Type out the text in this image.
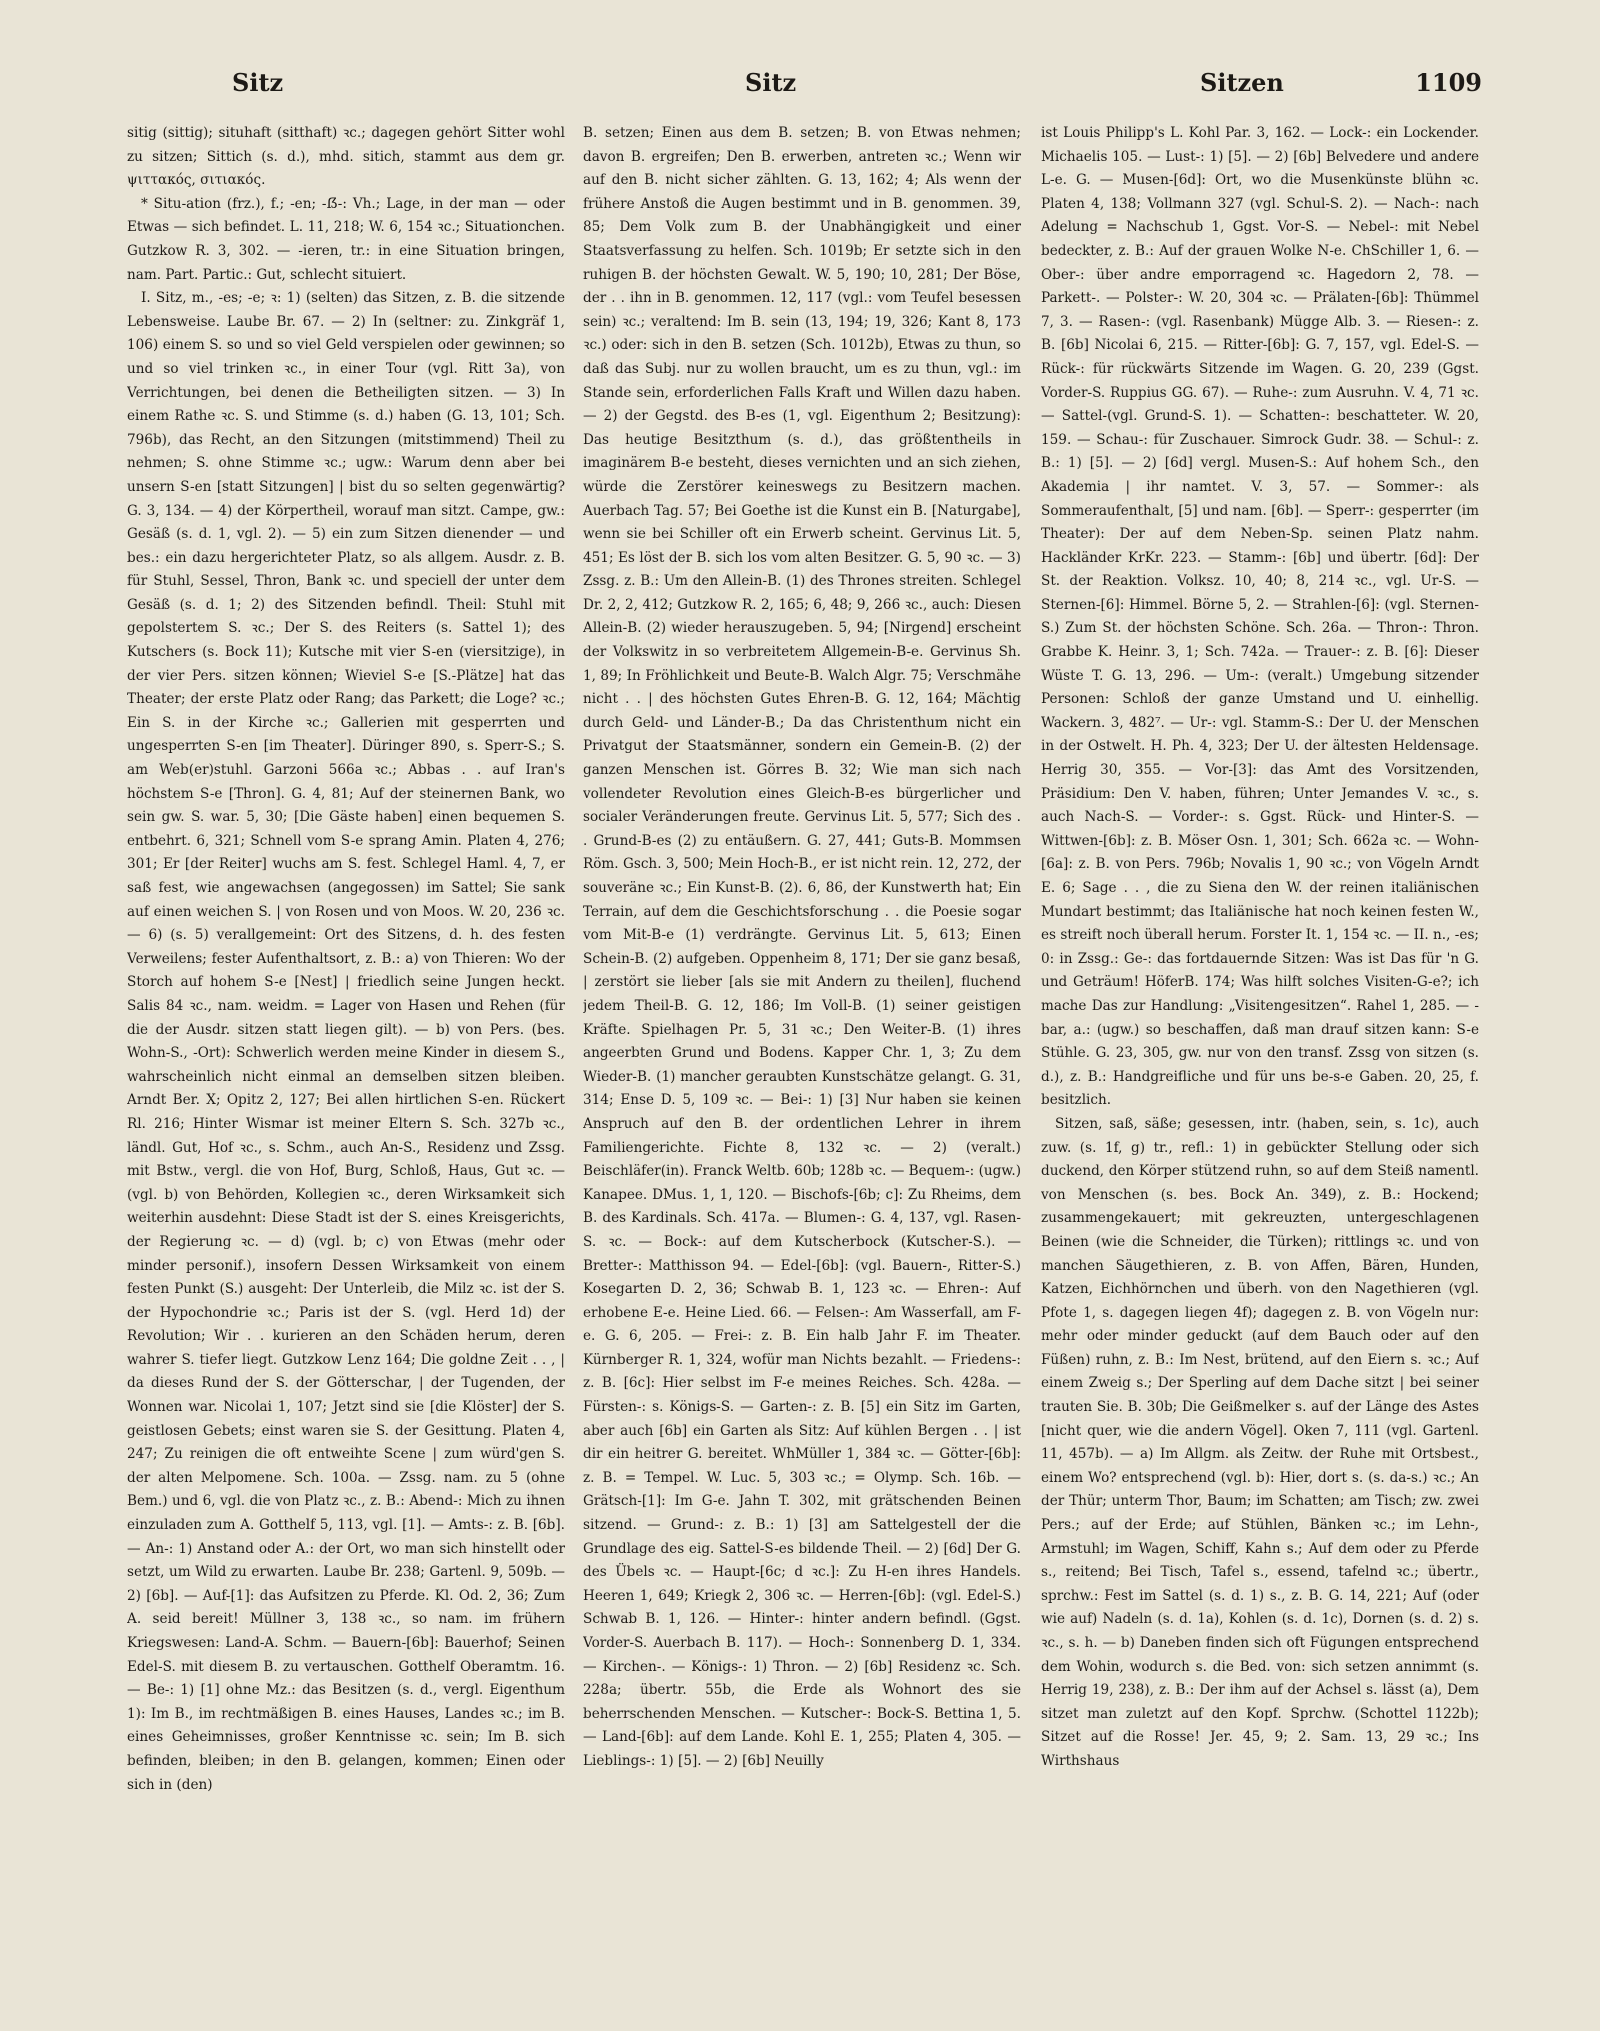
Sitz	Sitz	Sitzen	1109

sitig (sittig); situhaft (sitthaft) ꝛc.; dagegen gehört Sitter wohl zu sitzen; Sittich (s. d.), mhd. sitich, stammt aus dem gr. ψιττακός, σιτιακός.

* Situ-ation (frz.), f.; -en; -ẞ-: Vh.; Lage, in der man — oder Etwas — sich befindet. L. 11, 218; W. 6, 154 ꝛc.; Situationchen. Gutzkow R. 3, 302. — -ieren, tr.: in eine Situation bringen, nam. Part. Partic.: Gut, schlecht situiert.

I. Sitz, m., -es; -e; ꝛ: 1) (selten) das Sitzen, z. B. die sitzende Lebensweise. Laube Br. 67. — 2) In (seltner: zu. Zinkgräf 1, 106) einem S. so und so viel Geld verspielen oder gewinnen; so und so viel trinken ꝛc., in einer Tour (vgl. Ritt 3a), von Verrichtungen, bei denen die Betheiligten sitzen. — 3) In einem Rathe ꝛc. S. und Stimme (s. d.) haben (G. 13, 101; Sch. 796b), das Recht, an den Sitzungen (mitstimmend) Theil zu nehmen; S. ohne Stimme ꝛc.; ugw.: Warum denn aber bei unsern S-en [statt Sitzungen] | bist du so selten gegenwärtig? G. 3, 134. — 4) der Körpertheil, worauf man sitzt. Campe, gw.: Gesäß (s. d. 1, vgl. 2). — 5) ein zum Sitzen dienender — und bes.: ein dazu hergerichteter Platz, so als allgem. Ausdr. z. B. für Stuhl, Sessel, Thron, Bank ꝛc. und speciell der unter dem Gesäß (s. d. 1; 2) des Sitzenden befindl. Theil: Stuhl mit gepolstertem S. ꝛc.; Der S. des Reiters (s. Sattel 1); des Kutschers (s. Bock 11); Kutsche mit vier S-en (viersitzige), in der vier Pers. sitzen können; Wieviel S-e [S.-Plätze] hat das Theater; der erste Platz oder Rang; das Parkett; die Loge? ꝛc.; Ein S. in der Kirche ꝛc.; Gallerien mit gesperrten und ungesperrten S-en [im Theater]. Düringer 890, s. Sperr-S.; S. am Web(er)stuhl. Garzoni 566a ꝛc.; Abbas . . auf Iran's höchstem S-e [Thron]. G. 4, 81; Auf der steinernen Bank, wo sein gw. S. war. 5, 30; [Die Gäste haben] einen bequemen S. entbehrt. 6, 321; Schnell vom S-e sprang Amin. Platen 4, 276; 301; Er [der Reiter] wuchs am S. fest. Schlegel Haml. 4, 7, er saß fest, wie angewachsen (angegossen) im Sattel; Sie sank auf einen weichen S. | von Rosen und von Moos. W. 20, 236 ꝛc. — 6) (s. 5) verallgemeint: Ort des Sitzens, d. h. des festen Verweilens; fester Aufenthaltsort, z. B.: a) von Thieren: Wo der Storch auf hohem S-e [Nest] | friedlich seine Jungen heckt. Salis 84 ꝛc., nam. weidm. = Lager von Hasen und Rehen (für die der Ausdr. sitzen statt liegen gilt). — b) von Pers. (bes. Wohn-S., -Ort): Schwerlich werden meine Kinder in diesem S., wahrscheinlich nicht einmal an demselben sitzen bleiben. Arndt Ber. X; Opitz 2, 127; Bei allen hirtlichen S-en. Rückert Rl. 216; Hinter Wismar ist meiner Eltern S. Sch. 327b ꝛc., ländl. Gut, Hof ꝛc., s. Schm., auch An-S., Residenz und Zssg. mit Bstw., vergl. die von Hof, Burg, Schloß, Haus, Gut ꝛc. — (vgl. b) von Behörden, Kollegien ꝛc., deren Wirksamkeit sich weiterhin ausdehnt: Diese Stadt ist der S. eines Kreisgerichts, der Regierung ꝛc. — d) (vgl. b; c) von Etwas (mehr oder minder personif.), insofern Dessen Wirksamkeit von einem festen Punkt (S.) ausgeht: Der Unterleib, die Milz ꝛc. ist der S. der Hypochondrie ꝛc.; Paris ist der S. (vgl. Herd 1d) der Revolution; Wir . . kurieren an den Schäden herum, deren wahrer S. tiefer liegt. Gutzkow Lenz 164; Die goldne Zeit . . , | da dieses Rund der S. der Götterschar, | der Tugenden, der Wonnen war. Nicolai 1, 107; Jetzt sind sie [die Klöster] der S. geistlosen Gebets; einst waren sie S. der Gesittung. Platen 4, 247; Zu reinigen die oft entweihte Scene | zum würd'gen S. der alten Melpomene. Sch. 100a. — Zssg. nam. zu 5 (ohne Bem.) und 6, vgl. die von Platz ꝛc., z. B.: Abend-: Mich zu ihnen einzuladen zum A. Gotthelf 5, 113, vgl. [1]. — Amts-: z. B. [6b]. — An-: 1) Anstand oder A.: der Ort, wo man sich hinstellt oder setzt, um Wild zu erwarten. Laube Br. 238; Gartenl. 9, 509b. — 2) [6b]. — Auf-[1]: das Aufsitzen zu Pferde. Kl. Od. 2, 36; Zum A. seid bereit! Müllner 3, 138 ꝛc., so nam. im frühern Kriegswesen: Land-A. Schm. — Bauern-[6b]: Bauerhof; Seinen Edel-S. mit diesem B. zu vertauschen. Gotthelf Oberamtm. 16. — Be-: 1) [1] ohne Mz.: das Besitzen (s. d., vergl. Eigenthum 1): Im B., im rechtmäßigen B. eines Hauses, Landes ꝛc.; im B. eines Geheimnisses, großer Kenntnisse ꝛc. sein; Im B. sich befinden, bleiben; in den B. gelangen, kommen; Einen oder sich in (den)

B. setzen; Einen aus dem B. setzen; B. von Etwas nehmen; davon B. ergreifen; Den B. erwerben, antreten ꝛc.; Wenn wir auf den B. nicht sicher zählten. G. 13, 162; 4; Als wenn der frühere Anstoß die Augen bestimmt und in B. genommen. 39, 85; Dem Volk zum B. der Unabhängigkeit und einer Staatsverfassung zu helfen. Sch. 1019b; Er setzte sich in den ruhigen B. der höchsten Gewalt. W. 5, 190; 10, 281; Der Böse, der . . ihn in B. genommen. 12, 117 (vgl.: vom Teufel besessen sein) ꝛc.; veraltend: Im B. sein (13, 194; 19, 326; Kant 8, 173 ꝛc.) oder: sich in den B. setzen (Sch. 1012b), Etwas zu thun, so daß das Subj. nur zu wollen braucht, um es zu thun, vgl.: im Stande sein, erforderlichen Falls Kraft und Willen dazu haben. — 2) der Gegstd. des B-es (1, vgl. Eigenthum 2; Besitzung): Das heutige Besitzthum (s. d.), das größtentheils in imaginärem B-e besteht, dieses vernichten und an sich ziehen, würde die Zerstörer keineswegs zu Besitzern machen. Auerbach Tag. 57; Bei Goethe ist die Kunst ein B. [Naturgabe], wenn sie bei Schiller oft ein Erwerb scheint. Gervinus Lit. 5, 451; Es löst der B. sich los vom alten Besitzer. G. 5, 90 ꝛc. — 3) Zssg. z. B.: Um den Allein-B. (1) des Thrones streiten. Schlegel Dr. 2, 2, 412; Gutzkow R. 2, 165; 6, 48; 9, 266 ꝛc., auch: Diesen Allein-B. (2) wieder herauszugeben. 5, 94; [Nirgend] erscheint der Volkswitz in so verbreitetem Allgemein-B-e. Gervinus Sh. 1, 89; In Fröhlichkeit und Beute-B. Walch Algr. 75; Verschmähe nicht . . | des höchsten Gutes Ehren-B. G. 12, 164; Mächtig durch Geld- und Länder-B.; Da das Christenthum nicht ein Privatgut der Staatsmänner, sondern ein Gemein-B. (2) der ganzen Menschen ist. Görres B. 32; Wie man sich nach vollendeter Revolution eines Gleich-B-es bürgerlicher und socialer Veränderungen freute. Gervinus Lit. 5, 577; Sich des . . Grund-B-es (2) zu entäußern. G. 27, 441; Guts-B. Mommsen Röm. Gsch. 3, 500; Mein Hoch-B., er ist nicht rein. 12, 272, der souveräne ꝛc.; Ein Kunst-B. (2). 6, 86, der Kunstwerth hat; Ein Terrain, auf dem die Geschichtsforschung . . die Poesie sogar vom Mit-B-e (1) verdrängte. Gervinus Lit. 5, 613; Einen Schein-B. (2) aufgeben. Oppenheim 8, 171; Der sie ganz besaß, | zerstört sie lieber [als sie mit Andern zu theilen], fluchend jedem Theil-B. G. 12, 186; Im Voll-B. (1) seiner geistigen Kräfte. Spielhagen Pr. 5, 31 ꝛc.; Den Weiter-B. (1) ihres angeerbten Grund und Bodens. Kapper Chr. 1, 3; Zu dem Wieder-B. (1) mancher geraubten Kunstschätze gelangt. G. 31, 314; Ense D. 5, 109 ꝛc. — Bei-: 1) [3] Nur haben sie keinen Anspruch auf den B. der ordentlichen Lehrer in ihrem Familiengerichte. Fichte 8, 132 ꝛc. — 2) (veralt.) Beischläfer(in). Franck Weltb. 60b; 128b ꝛc. — Bequem-: (ugw.) Kanapee. DMus. 1, 1, 120. — Bischofs-[6b; c]: Zu Rheims, dem B. des Kardinals. Sch. 417a. — Blumen-: G. 4, 137, vgl. Rasen-S. ꝛc. — Bock-: auf dem Kutscherbock (Kutscher-S.). — Bretter-: Matthisson 94. — Edel-[6b]: (vgl. Bauern-, Ritter-S.) Kosegarten D. 2, 36; Schwab B. 1, 123 ꝛc. — Ehren-: Auf erhobene E-e. Heine Lied. 66. — Felsen-: Am Wasserfall, am F-e. G. 6, 205. — Frei-: z. B. Ein halb Jahr F. im Theater. Kürnberger R. 1, 324, wofür man Nichts bezahlt. — Friedens-: z. B. [6c]: Hier selbst im F-e meines Reiches. Sch. 428a. — Fürsten-: s. Königs-S. — Garten-: z. B. [5] ein Sitz im Garten, aber auch [6b] ein Garten als Sitz: Auf kühlen Bergen . . | ist dir ein heitrer G. bereitet. WhMüller 1, 384 ꝛc. — Götter-[6b]: z. B. = Tempel. W. Luc. 5, 303 ꝛc.; = Olymp. Sch. 16b. — Grätsch-[1]: Im G-e. Jahn T. 302, mit grätschenden Beinen sitzend. — Grund-: z. B.: 1) [3] am Sattelgestell der die Grundlage des eig. Sattel-S-es bildende Theil. — 2) [6d] Der G. des Übels ꝛc. — Haupt-[6c; d ꝛc.]: Zu H-en ihres Handels. Heeren 1, 649; Kriegk 2, 306 ꝛc. — Herren-[6b]: (vgl. Edel-S.) Schwab B. 1, 126. — Hinter-: hinter andern befindl. (Ggst. Vorder-S. Auerbach B. 117). — Hoch-: Sonnenberg D. 1, 334. — Kirchen-. — Königs-: 1) Thron. — 2) [6b] Residenz ꝛc. Sch. 228a; übertr. 55b, die Erde als Wohnort des sie beherrschenden Menschen. — Kutscher-: Bock-S. Bettina 1, 5. — Land-[6b]: auf dem Lande. Kohl E. 1, 255; Platen 4, 305. — Lieblings-: 1) [5]. — 2) [6b] Neuilly

ist Louis Philipp's L. Kohl Par. 3, 162. — Lock-: ein Lockender. Michaelis 105. — Lust-: 1) [5]. — 2) [6b] Belvedere und andere L-e. G. — Musen-[6d]: Ort, wo die Musenkünste blühn ꝛc. Platen 4, 138; Vollmann 327 (vgl. Schul-S. 2). — Nach-: nach Adelung = Nachschub 1, Ggst. Vor-S. — Nebel-: mit Nebel bedeckter, z. B.: Auf der grauen Wolke N-e. ChSchiller 1, 6. — Ober-: über andre emporragend ꝛc. Hagedorn 2, 78. — Parkett-. — Polster-: W. 20, 304 ꝛc. — Prälaten-[6b]: Thümmel 7, 3. — Rasen-: (vgl. Rasenbank) Mügge Alb. 3. — Riesen-: z. B. [6b] Nicolai 6, 215. — Ritter-[6b]: G. 7, 157, vgl. Edel-S. — Rück-: für rückwärts Sitzende im Wagen. G. 20, 239 (Ggst. Vorder-S. Ruppius GG. 67). — Ruhe-: zum Ausruhn. V. 4, 71 ꝛc. — Sattel-(vgl. Grund-S. 1). — Schatten-: beschatteter. W. 20, 159. — Schau-: für Zuschauer. Simrock Gudr. 38. — Schul-: z. B.: 1) [5]. — 2) [6d] vergl. Musen-S.: Auf hohem Sch., den Akademia | ihr namtet. V. 3, 57. — Sommer-: als Sommeraufenthalt, [5] und nam. [6b]. — Sperr-: gesperrter (im Theater): Der auf dem Neben-Sp. seinen Platz nahm. Hackländer KrKr. 223. — Stamm-: [6b] und übertr. [6d]: Der St. der Reaktion. Volksz. 10, 40; 8, 214 ꝛc., vgl. Ur-S. — Sternen-[6]: Himmel. Börne 5, 2. — Strahlen-[6]: (vgl. Sternen-S.) Zum St. der höchsten Schöne. Sch. 26a. — Thron-: Thron. Grabbe K. Heinr. 3, 1; Sch. 742a. — Trauer-: z. B. [6]: Dieser Wüste T. G. 13, 296. — Um-: (veralt.) Umgebung sitzender Personen: Schloß der ganze Umstand und U. einhellig. Wackern. 3, 482⁷. — Ur-: vgl. Stamm-S.: Der U. der Menschen in der Ostwelt. H. Ph. 4, 323; Der U. der ältesten Heldensage. Herrig 30, 355. — Vor-[3]: das Amt des Vorsitzenden, Präsidium: Den V. haben, führen; Unter Jemandes V. ꝛc., s. auch Nach-S. — Vorder-: s. Ggst. Rück- und Hinter-S. — Wittwen-[6b]: z. B. Möser Osn. 1, 301; Sch. 662a ꝛc. — Wohn-[6a]: z. B. von Pers. 796b; Novalis 1, 90 ꝛc.; von Vögeln Arndt E. 6; Sage . . , die zu Siena den W. der reinen italiänischen Mundart bestimmt; das Italiänische hat noch keinen festen W., es streift noch überall herum. Forster It. 1, 154 ꝛc. — II. n., -es; 0: in Zssg.: Ge-: das fortdauernde Sitzen: Was ist Das für 'n G. und Geträum! HöferB. 174; Was hilft solches Visiten-G-e?; ich mache Das zur Handlung: „Visitengesitzen“. Rahel 1, 285. — -bar, a.: (ugw.) so beschaffen, daß man drauf sitzen kann: S-e Stühle. G. 23, 305, gw. nur von den transf. Zssg von sitzen (s. d.), z. B.: Handgreifliche und für uns be-s-e Gaben. 20, 25, f. besitzlich.

Sitzen, saß, säße; gesessen, intr. (haben, sein, s. 1c), auch zuw. (s. 1f, g) tr., refl.: 1) in gebückter Stellung oder sich duckend, den Körper stützend ruhn, so auf dem Steiß namentl. von Menschen (s. bes. Bock An. 349), z. B.: Hockend; zusammengekauert; mit gekreuzten, untergeschlagenen Beinen (wie die Schneider, die Türken); rittlings ꝛc. und von manchen Säugethieren, z. B. von Affen, Bären, Hunden, Katzen, Eichhörnchen und überh. von den Nagethieren (vgl. Pfote 1, s. dagegen liegen 4f); dagegen z. B. von Vögeln nur: mehr oder minder geduckt (auf dem Bauch oder auf den Füßen) ruhn, z. B.: Im Nest, brütend, auf den Eiern s. ꝛc.; Auf einem Zweig s.; Der Sperling auf dem Dache sitzt | bei seiner trauten Sie. B. 30b; Die Geißmelker s. auf der Länge des Astes [nicht quer, wie die andern Vögel]. Oken 7, 111 (vgl. Gartenl. 11, 457b). — a) Im Allgm. als Zeitw. der Ruhe mit Ortsbest., einem Wo? entsprechend (vgl. b): Hier, dort s. (s. da-s.) ꝛc.; An der Thür; unterm Thor, Baum; im Schatten; am Tisch; zw. zwei Pers.; auf der Erde; auf Stühlen, Bänken ꝛc.; im Lehn-, Armstuhl; im Wagen, Schiff, Kahn s.; Auf dem oder zu Pferde s., reitend; Bei Tisch, Tafel s., essend, tafelnd ꝛc.; übertr., sprchw.: Fest im Sattel (s. d. 1) s., z. B. G. 14, 221; Auf (oder wie auf) Nadeln (s. d. 1a), Kohlen (s. d. 1c), Dornen (s. d. 2) s. ꝛc., s. h. — b) Daneben finden sich oft Fügungen entsprechend dem Wohin, wodurch s. die Bed. von: sich setzen annimmt (s. Herrig 19, 238), z. B.: Der ihm auf der Achsel s. lässt (a), Dem sitzet man zuletzt auf den Kopf. Sprchw. (Schottel 1122b); Sitzet auf die Rosse! Jer. 45, 9; 2. Sam. 13, 29 ꝛc.; Ins Wirthshaus
